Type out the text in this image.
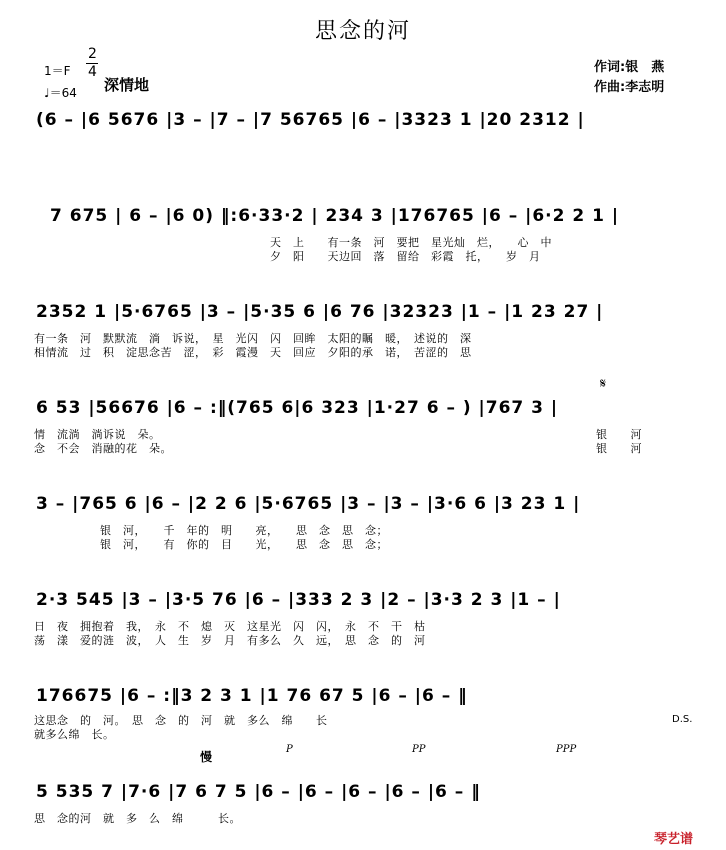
思念的河
1＝F
2
4
♩＝64 深情地
作词:银　燕
作曲:李志明
(6 – |6 5676 |3 – |7 – |7 56765 |6 – |3323 1 |20 2312 |
7 675 | 6 – |6 0) ‖:6·33·2 | 234 3 |176765 |6 – |6·2 2 1 |
天　上　　有一条　河　要把　星光灿　烂，　　心　中
夕　阳　　天边回　落　留给　彩霞　托，　　岁　月
2352 1 |5·6765 |3 – |5·35 6 |6 76 |32323 |1 – |1 23 27 |
有一条　河　默默流　淌　诉说，　星　光闪　闪　回眸　太阳的瞩　暖，　述说的　深
相情流　过　积　淀思念苦　涩，　彩　霞漫　天　回应　夕阳的承　诺，　苦涩的　思
𝄋
6 53 |56676 |6 – :‖(765 6|6 323 |1·27 6 – ) |767 3 |
情　流淌　淌诉说　朵。
念　不会　消融的花　朵。
银　　河
银　　河
3 – |765 6 |6 – |2 2 6 |5·6765 |3 – |3 – |3·6 6 |3 23 1 |
银　河，　　千　年的　明　　亮，　　思　念　思　念；
银　河，　　有　你的　目　　光，　　思　念　思　念；
2·3 545 |3 – |3·5 76 |6 – |333 2 3 |2 – |3·3 2 3 |1 – |
日　夜　拥抱着　我，　永　不　熄　灭　这星光　闪　闪，　永　不　干　枯
荡　漾　爱的涟　波，　人　生　岁　月　有多么　久　远，　思　念　的　河
176675 |6 – :‖3 2 3 1 |1 76 67 5 |6 – |6 – ‖
这思念　的　河。　思　念　的　河　就　多么　绵　　长
就多么绵　长。
D.S.
慢
P	PP	PPP
5 535 7 |7·6 |7 6 7 5 |6 – |6 – |6 – |6 – |6 – ‖
思　念的河　就　多　么　绵　　　长。
琴艺谱
